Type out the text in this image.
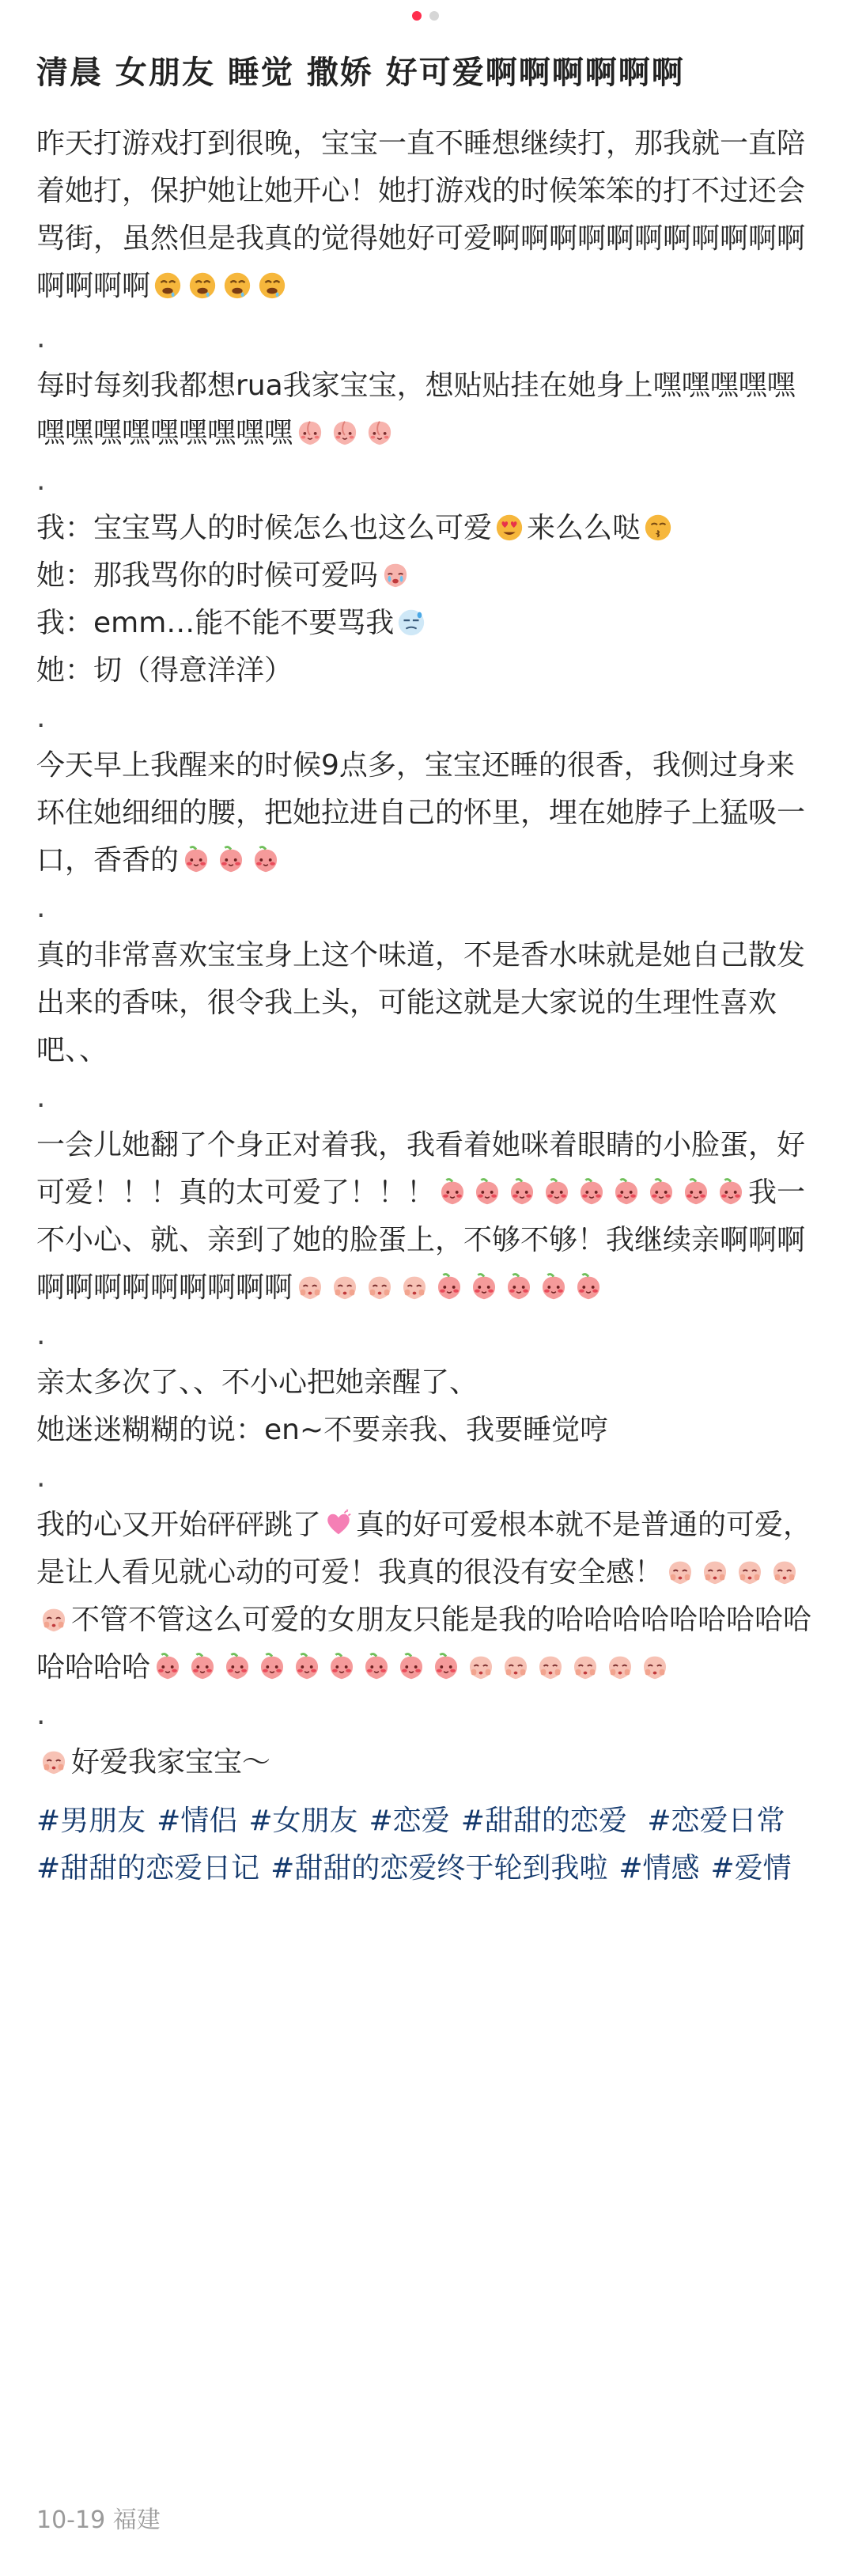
清晨 女朋友 睡觉 撒娇 好可爱啊啊啊啊啊啊

昨天打游戏打到很晚，宝宝一直不睡想继续打，那我就一直陪着她打，保护她让她开心！她打游戏的时候笨笨的打不过还会骂街，虽然但是我真的觉得她好可爱啊啊啊啊啊啊啊啊啊啊啊啊啊啊啊

.

每时每刻我都想rua我家宝宝，想贴贴挂在她身上嘿嘿嘿嘿嘿嘿嘿嘿嘿嘿嘿嘿嘿嘿

.

我：宝宝骂人的时候怎么也这么可爱 来么么哒

她：那我骂你的时候可爱吗

我：emm…能不能不要骂我

她：切（得意洋洋）

.

今天早上我醒来的时候9点多，宝宝还睡的很香，我侧过身来环住她细细的腰，把她拉进自己的怀里，埋在她脖子上猛吸一口，香香的

.

真的非常喜欢宝宝身上这个味道，不是香水味就是她自己散发出来的香味，很令我上头，可能这就是大家说的生理性喜欢吧、、

.

一会儿她翻了个身正对着我，我看着她咪着眼睛的小脸蛋，好可爱！！！真的太可爱了！！！	我一不小心、就、亲到了她的脸蛋上，不够不够！我继续亲啊啊啊啊啊啊啊啊啊啊啊啊

.

亲太多次了、、不小心把她亲醒了、

她迷迷糊糊的说：en~不要亲我、我要睡觉哼

.

我的心又开始砰砰跳了 真的好可爱根本就不是普通的可爱，是让人看见就心动的可爱！我真的很没有安全感！
不管不管这么可爱的女朋友只能是我的哈哈哈哈哈哈哈哈哈哈哈哈哈

.

好爱我家宝宝～

#男朋友 #情侣 #女朋友 #恋爱 #甜甜的恋爱 #恋爱日常#甜甜的恋爱日记 #甜甜的恋爱终于轮到我啦 #情感 #爱情
10-19 福建
